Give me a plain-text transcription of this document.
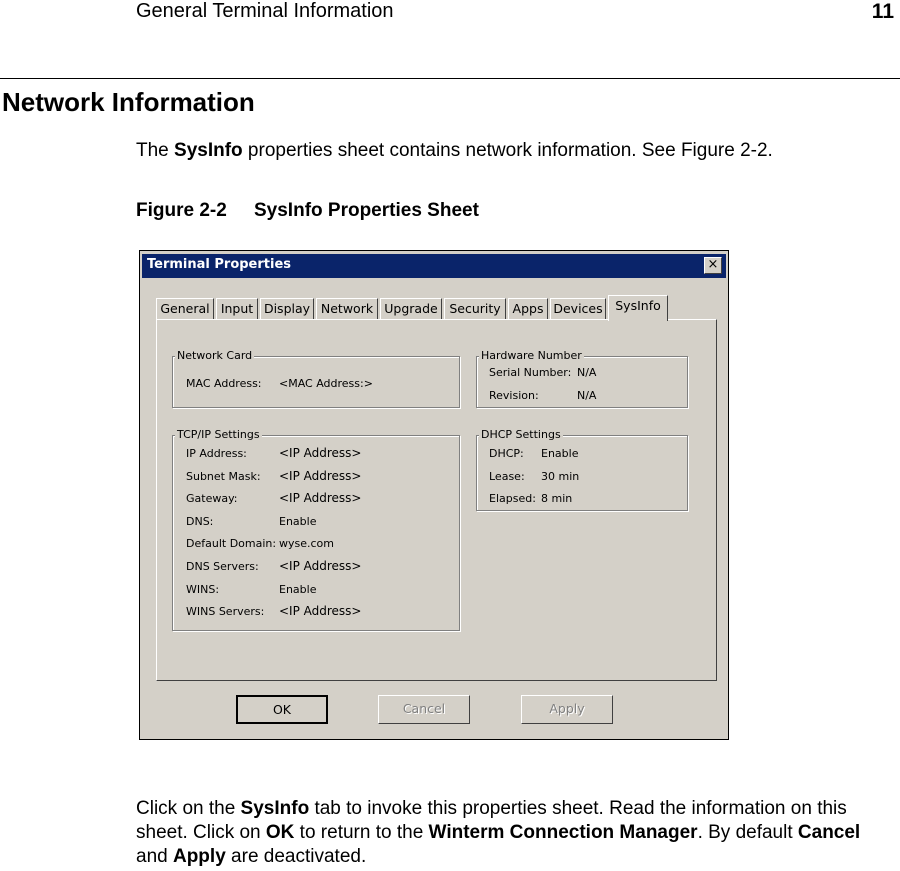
General Terminal Information	11
Network Information
The SysInfo properties sheet contains network information. See Figure 2-2.
Figure 2-2 SysInfo Properties Sheet
Terminal Properties	×
General Input Display Network Upgrade Security Apps Devices	SysInfo
Network Card
MAC Address: <MAC Address:>
Hardware Number
Serial Number: N/A
Revision:	N/A
TCP/IP Settings
IP Address:	<IP Address>
Subnet Mask: <IP Address>
Gateway:	<IP Address>
DNS:	Enable
Default Domain: wyse.com
DNS Servers: <IP Address>
WINS:	Enable
WINS Servers: <IP Address>
DHCP Settings
DHCP: Enable
Lease: 30 min
Elapsed: 8 min
OK	Cancel	Apply
Click on the SysInfo tab to invoke this properties sheet. Read the information on this sheet. Click on OK to return to the Winterm Connection Manager. By default Cancel and Apply are deactivated.
